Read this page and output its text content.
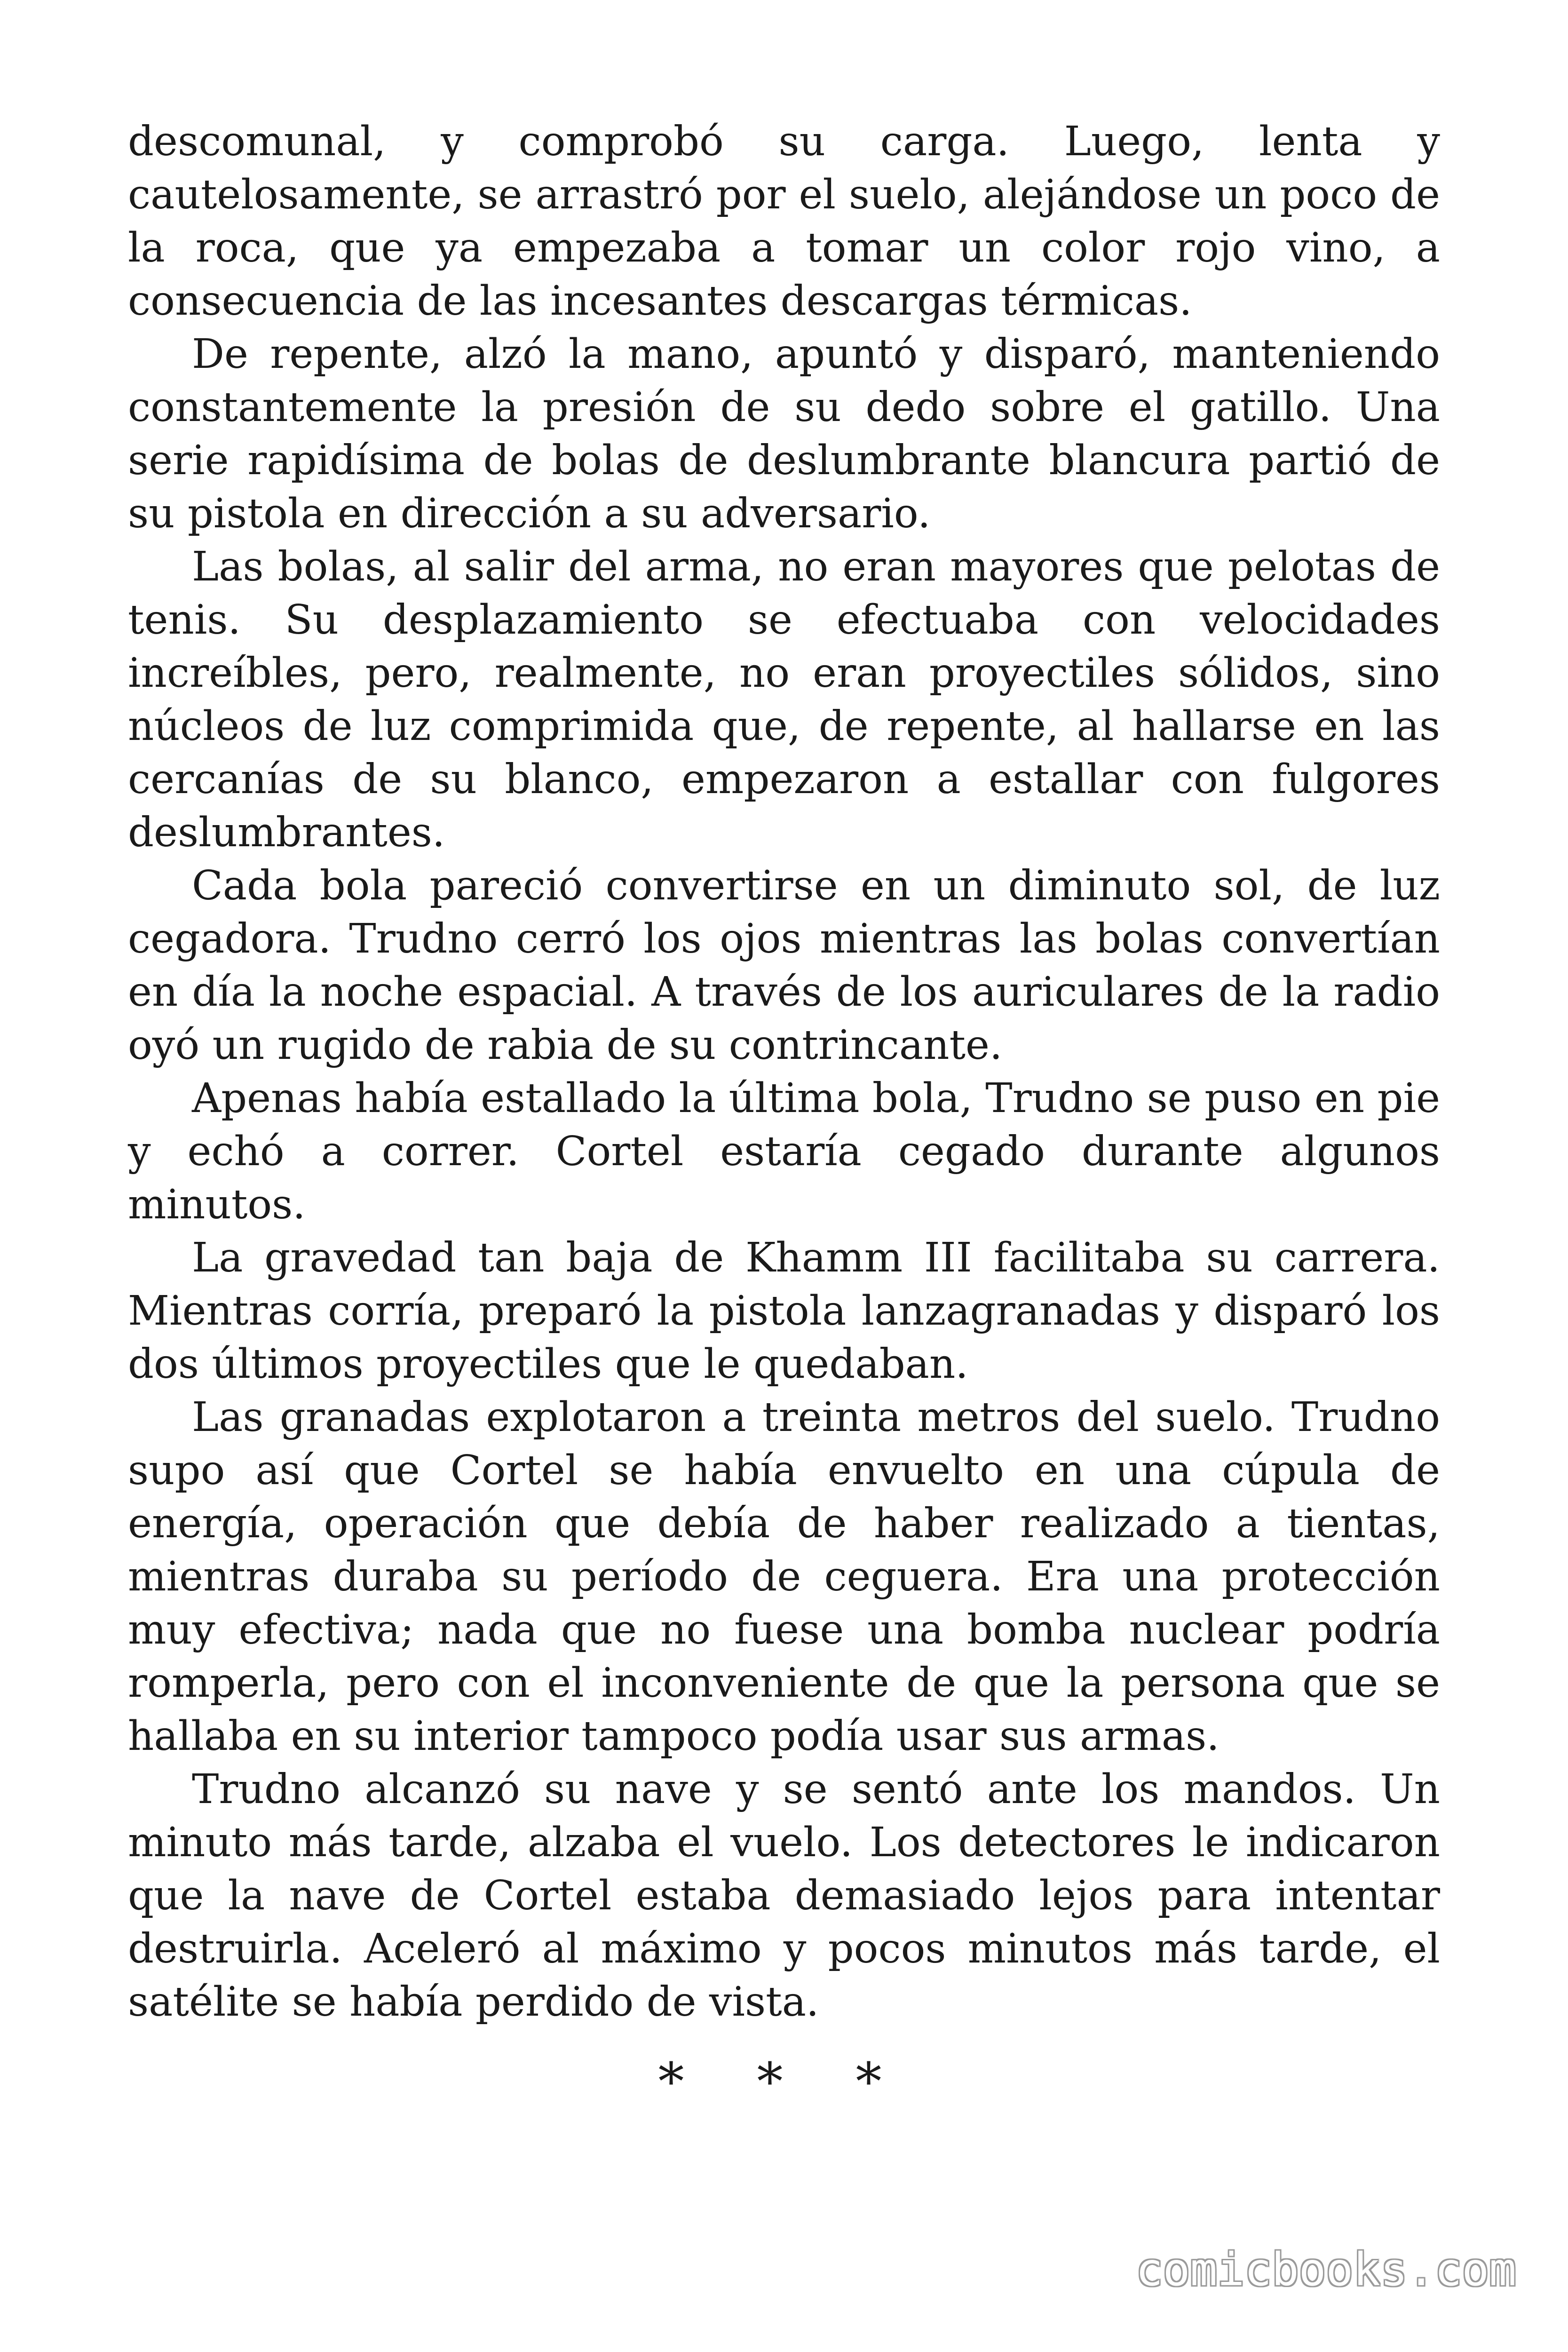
descomunal, y comprobó su carga. Luego, lenta y cautelosamente, se arrastró por el suelo, alejándose un poco de la roca, que ya empezaba a tomar un color rojo vino, a consecuencia de las incesantes descargas térmicas.

De repente, alzó la mano, apuntó y disparó, manteniendo constantemente la presión de su dedo sobre el gatillo. Una serie rapidísima de bolas de deslumbrante blancura partió de su pistola en dirección a su adversario.

Las bolas, al salir del arma, no eran mayores que pelotas de tenis. Su desplazamiento se efectuaba con velocidades increíbles, pero, realmente, no eran proyectiles sólidos, sino núcleos de luz comprimida que, de repente, al hallarse en las cercanías de su blanco, empezaron a estallar con fulgores deslumbrantes.

Cada bola pareció convertirse en un diminuto sol, de luz cegadora. Trudno cerró los ojos mientras las bolas convertían en día la noche espacial. A través de los auriculares de la radio oyó un rugido de rabia de su contrincante.

Apenas había estallado la última bola, Trudno se puso en pie y echó a correr. Cortel estaría cegado durante algunos minutos.

La gravedad tan baja de Khamm III facilitaba su carrera. Mientras corría, preparó la pistola lanzagranadas y disparó los dos últimos proyectiles que le quedaban.

Las granadas explotaron a treinta metros del suelo. Trudno supo así que Cortel se había envuelto en una cúpula de energía, operación que debía de haber realizado a tientas, mientras duraba su período de ceguera. Era una protección muy efectiva; nada que no fuese una bomba nuclear podría romperla, pero con el inconveniente de que la persona que se hallaba en su interior tampoco podía usar sus armas.

Trudno alcanzó su nave y se sentó ante los mandos. Un minuto más tarde, alzaba el vuelo. Los detectores le indicaron que la nave de Cortel estaba demasiado lejos para intentar destruirla. Aceleró al máximo y pocos minutos más tarde, el satélite se había perdido de vista.

* * *
comicbooks.com
